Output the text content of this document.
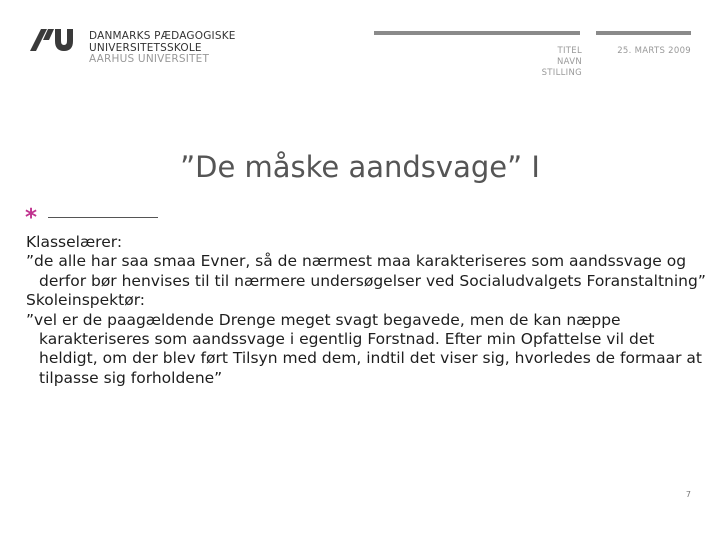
DANMARKS PÆDAGOGISKE
UNIVERSITETSSKOLE
AARHUS UNIVERSITET
TITEL
NAVN
STILLING
25. MARTS 2009
”De måske aandsvage” I
*

Klasselærer:

”de alle har saa smaa Evner, så de nærmest maa karakteriseres som aandssvage og derfor bør henvises til til nærmere undersøgelser ved Socialudvalgets Foranstaltning”

Skoleinspektør:

”vel er de paagældende Drenge meget svagt begavede, men de kan næppe karakteriseres som aandssvage i egentlig Forstnad. Efter min Opfattelse vil det heldigt, om der blev ført Tilsyn med dem, indtil det viser sig, hvorledes de formaar at tilpasse sig forholdene”

7
